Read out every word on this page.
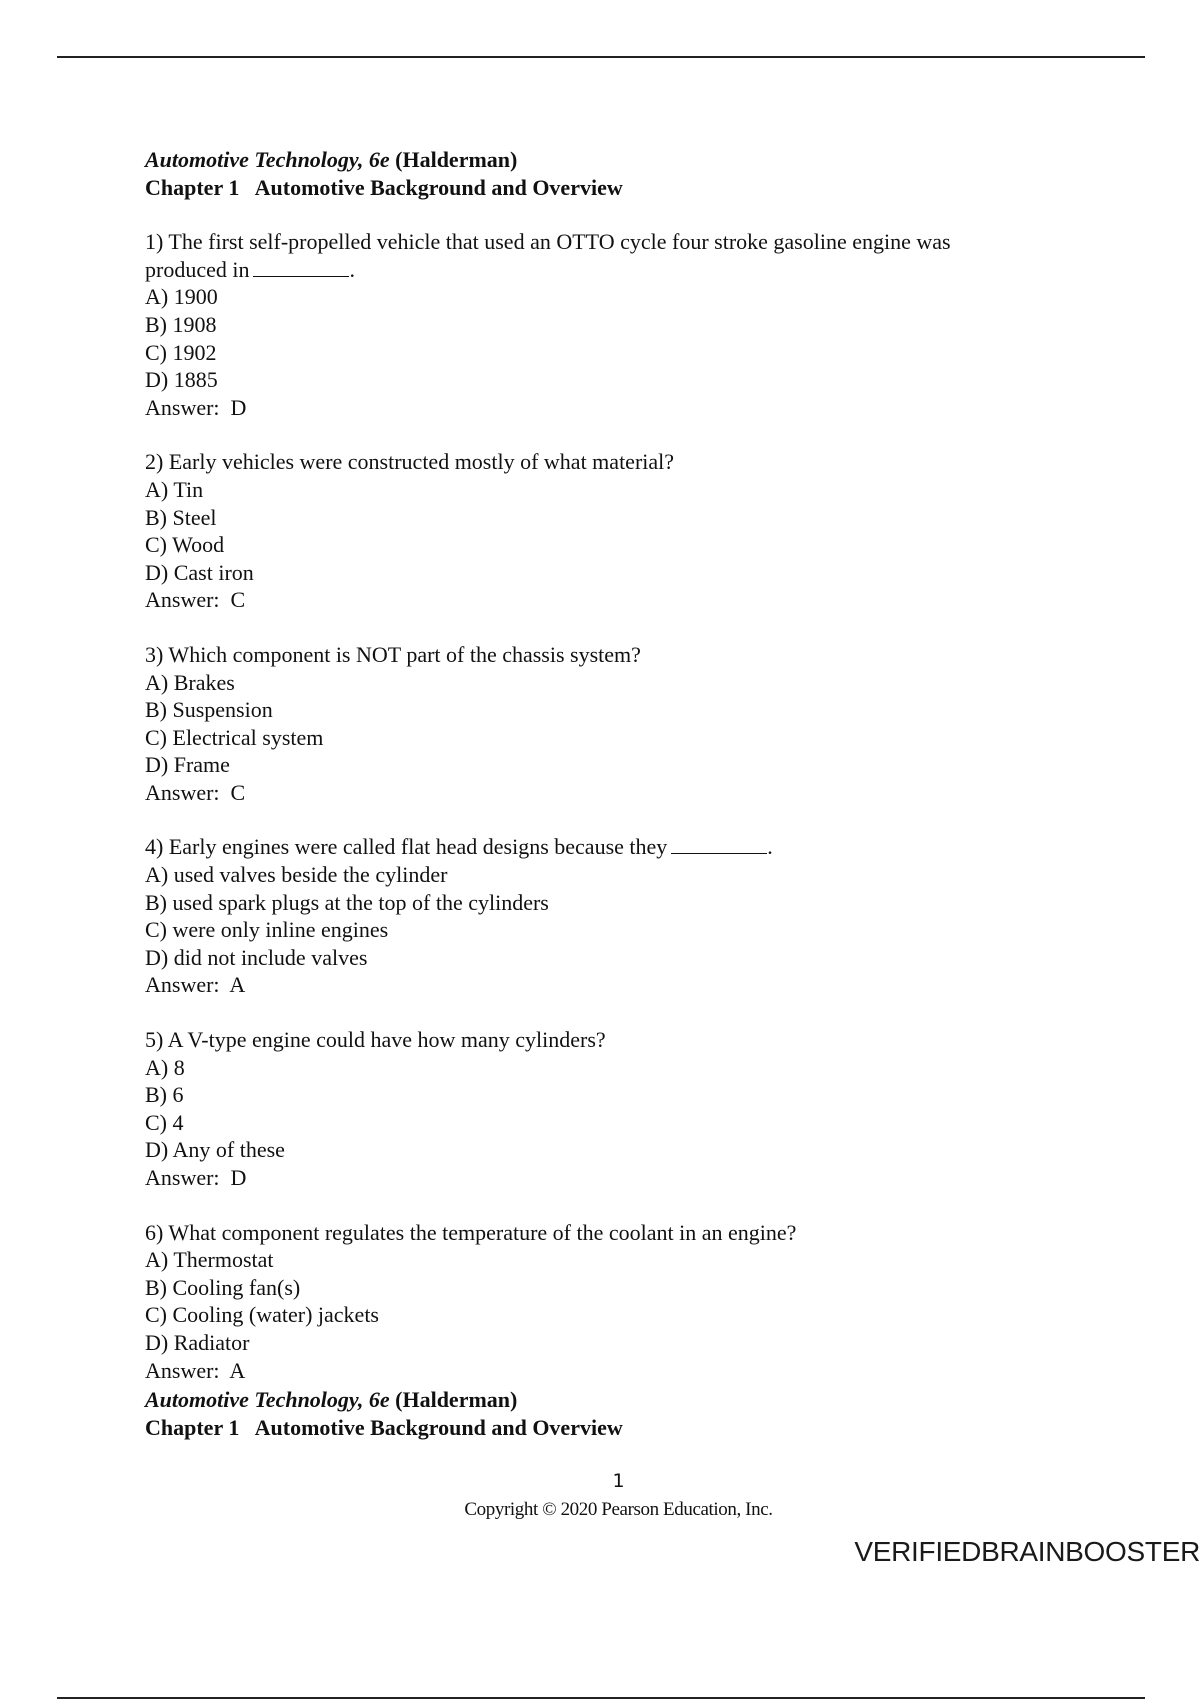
Automotive Technology, 6e (Halderman)
Chapter 1 Automotive Background and Overview
1) The first self-propelled vehicle that used an OTTO cycle four stroke gasoline engine was
produced in	.
A) 1900
B) 1908
C) 1902
D) 1885
Answer:  D
2) Early vehicles were constructed mostly of what material?
A) Tin
B) Steel
C) Wood
D) Cast iron
Answer:  C
3) Which component is NOT part of the chassis system?
A) Brakes
B) Suspension
C) Electrical system
D) Frame
Answer:  C
4) Early engines were called flat head designs because they	.
A) used valves beside the cylinder
B) used spark plugs at the top of the cylinders
C) were only inline engines
D) did not include valves
Answer:  A
5) A V-type engine could have how many cylinders?
A) 8
B) 6
C) 4
D) Any of these
Answer:  D
6) What component regulates the temperature of the coolant in an engine?
A) Thermostat
B) Cooling fan(s)
C) Cooling (water) jackets
D) Radiator
Answer:  A
Automotive Technology, 6e (Halderman)
Chapter 1 Automotive Background and Overview
1
Copyright © 2020 Pearson Education, Inc.
VERIFIEDBRAINBOOSTER
